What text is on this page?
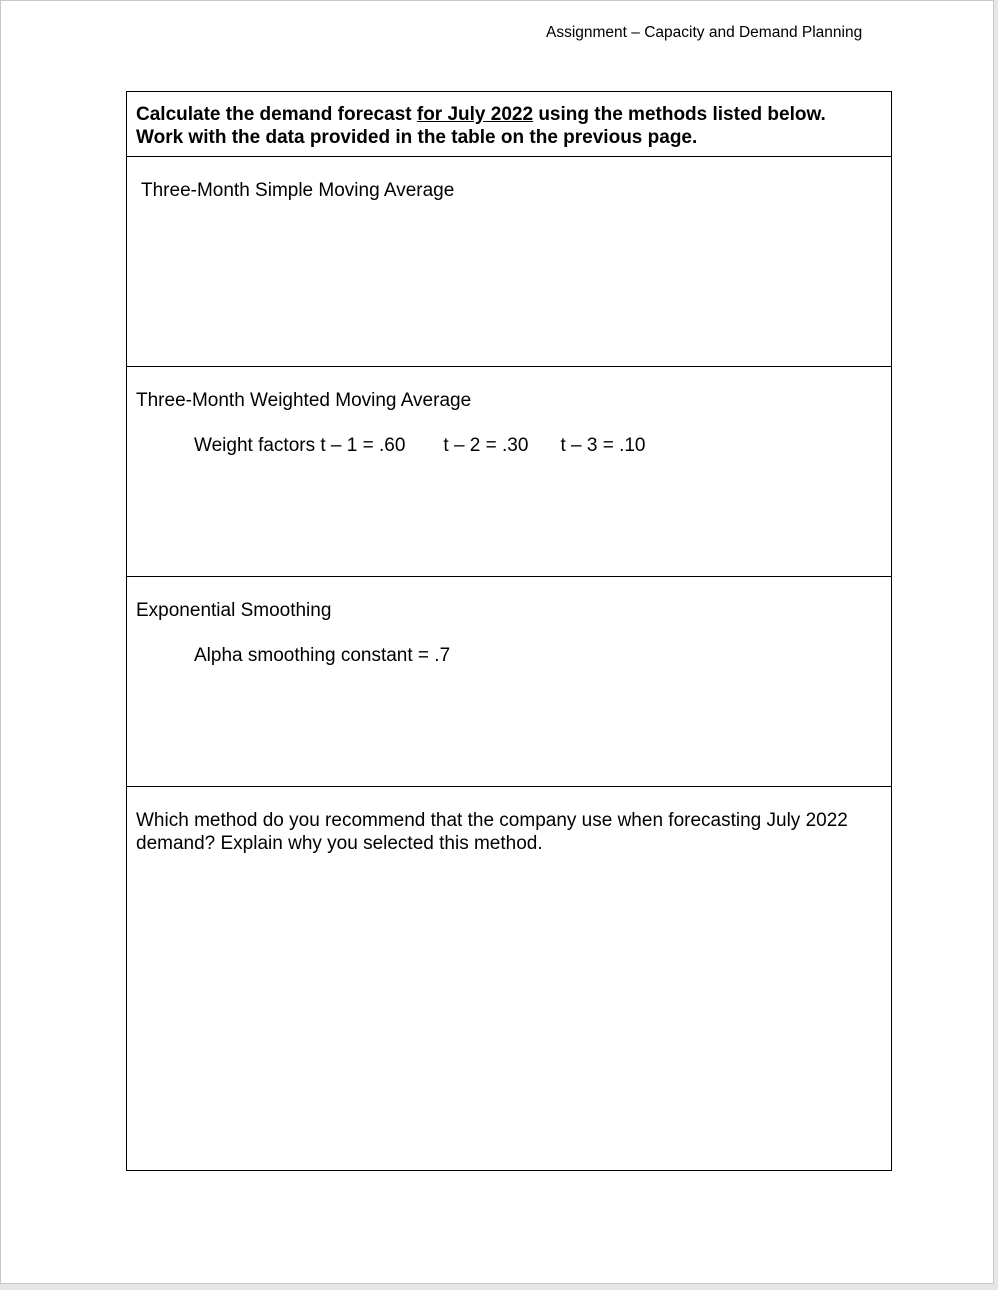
Assignment – Capacity and Demand Planning
Calculate the demand forecast for July 2022 using the methods listed below.
Work with the data provided in the table on the previous page.
Three-Month Simple Moving Average
Three-Month Weighted Moving Average
Weight factors t – 1 = .60 t – 2 = .30 t – 3 = .10
Exponential Smoothing
Alpha smoothing constant = .7
Which method do you recommend that the company use when forecasting July 2022 demand? Explain why you selected this method.
